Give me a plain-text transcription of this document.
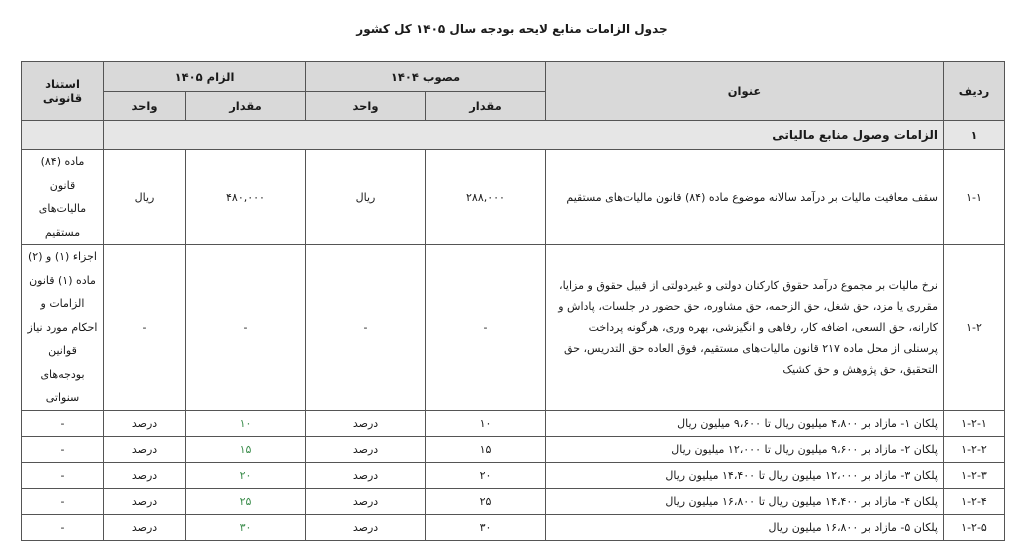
جدول الزامات منابع لایحه بودجه سال ۱۴۰۵ کل کشور
ردیف	عنوان	مصوب ۱۴۰۴		الزام ۱۴۰۵		استناد قانونی
		مقدار	واحد	مقدار	واحد	
۱	الزامات وصول منابع مالیاتی					
۱-۱	سقف معافیت مالیات بر درآمد سالانه موضوع ماده (۸۴) قانون مالیات‌های مستقیم	۲۸۸,۰۰۰	ریال	۴۸۰,۰۰۰	ریال	ماده (۸۴) قانون مالیات‌های مستقیم
۱-۲	نرخ مالیات بر مجموع درآمد حقوق کارکنان دولتی و غیردولتی از قبیل حقوق و مزایا، مقرری یا مزد، حق شغل، حق الزحمه، حق مشاوره، حق حضور در جلسات، پاداش و کارانه، حق السعی، اضافه کار، رفاهی و انگیزشی، بهره وری، هرگونه پرداخت پرسنلی از محل ماده ۲۱۷ قانون مالیات‌های مستقیم، فوق العاده حق التدریس، حق التحقیق، حق پژوهش و حق کشیک	-	-	-	-	اجزاء (۱) و (۲) ماده (۱) قانون الزامات و احکام مورد نیاز قوانین بودجه‌های سنواتی
۱-۲-۱	پلکان ۱- مازاد بر ۴،۸۰۰ میلیون ریال تا ۹،۶۰۰ میلیون ریال	۱۰	درصد	۱۰	درصد	-
۱-۲-۲	پلکان ۲- مازاد بر ۹،۶۰۰ میلیون ریال تا ۱۲،۰۰۰ میلیون ریال	۱۵	درصد	۱۵	درصد	-
۱-۲-۳	پلکان ۳- مازاد بر ۱۲،۰۰۰ میلیون ریال تا ۱۴،۴۰۰ میلیون ریال	۲۰	درصد	۲۰	درصد	-
۱-۲-۴	پلکان ۴- مازاد بر ۱۴،۴۰۰ میلیون ریال تا ۱۶،۸۰۰ میلیون ریال	۲۵	درصد	۲۵	درصد	-
۱-۲-۵	پلکان ۵- مازاد بر ۱۶،۸۰۰ میلیون ریال	۳۰	درصد	۳۰	درصد	-
